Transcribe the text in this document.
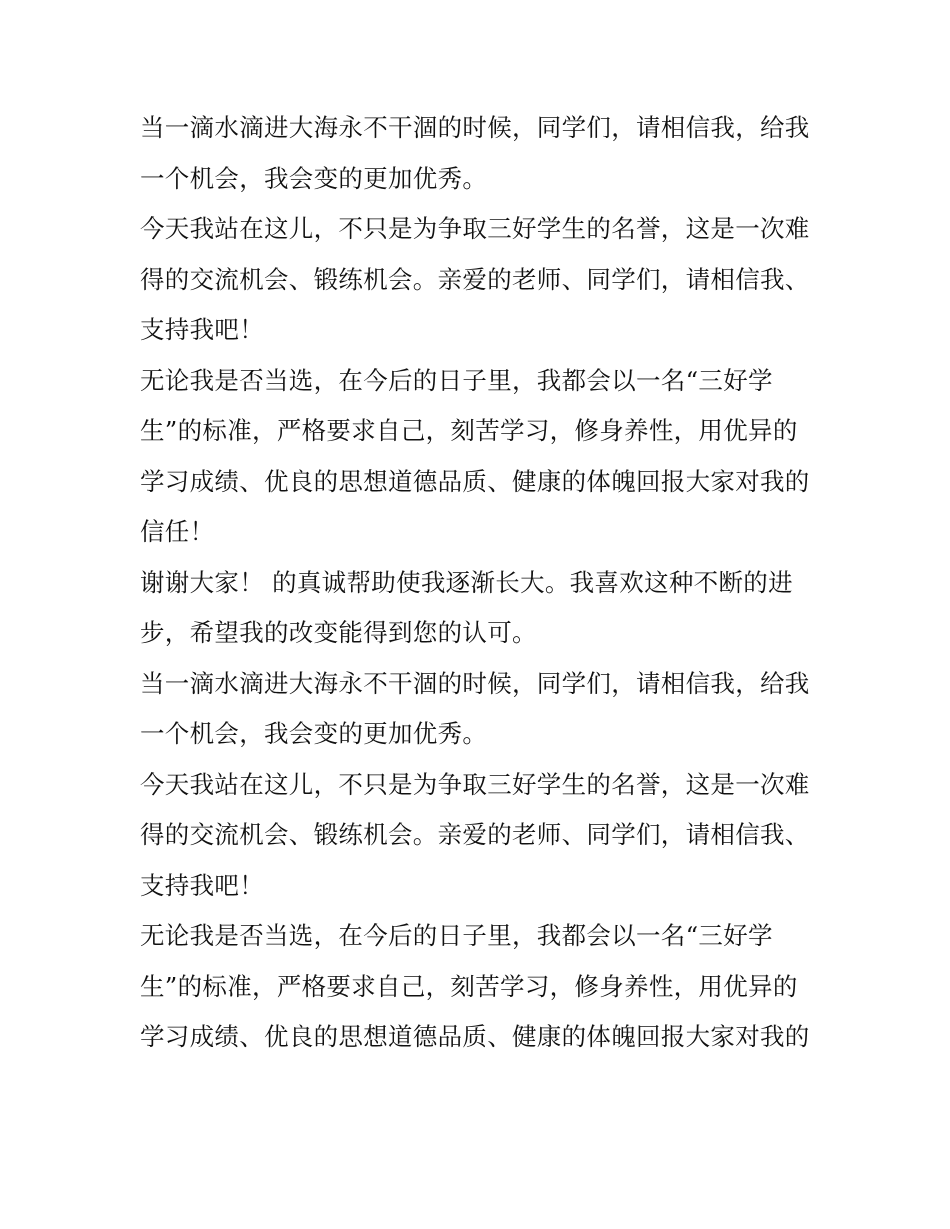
当一滴水滴进大海永不干涸的时候，同学们，请相信我，给我
一个机会，我会变的更加优秀。
今天我站在这儿，不只是为争取三好学生的名誉，这是一次难
得的交流机会、锻练机会。亲爱的老师、同学们，请相信我、
支持我吧！
无论我是否当选，在今后的日子里，我都会以一名“三好学
生”的标准，严格要求自己，刻苦学习，修身养性，用优异的
学习成绩、优良的思想道德品质、健康的体魄回报大家对我的
信任！
谢谢大家！ 的真诚帮助使我逐渐长大。我喜欢这种不断的进
步，希望我的改变能得到您的认可。
当一滴水滴进大海永不干涸的时候，同学们，请相信我，给我
一个机会，我会变的更加优秀。
今天我站在这儿，不只是为争取三好学生的名誉，这是一次难
得的交流机会、锻练机会。亲爱的老师、同学们，请相信我、
支持我吧！
无论我是否当选，在今后的日子里，我都会以一名“三好学
生”的标准，严格要求自己，刻苦学习，修身养性，用优异的
学习成绩、优良的思想道德品质、健康的体魄回报大家对我的
